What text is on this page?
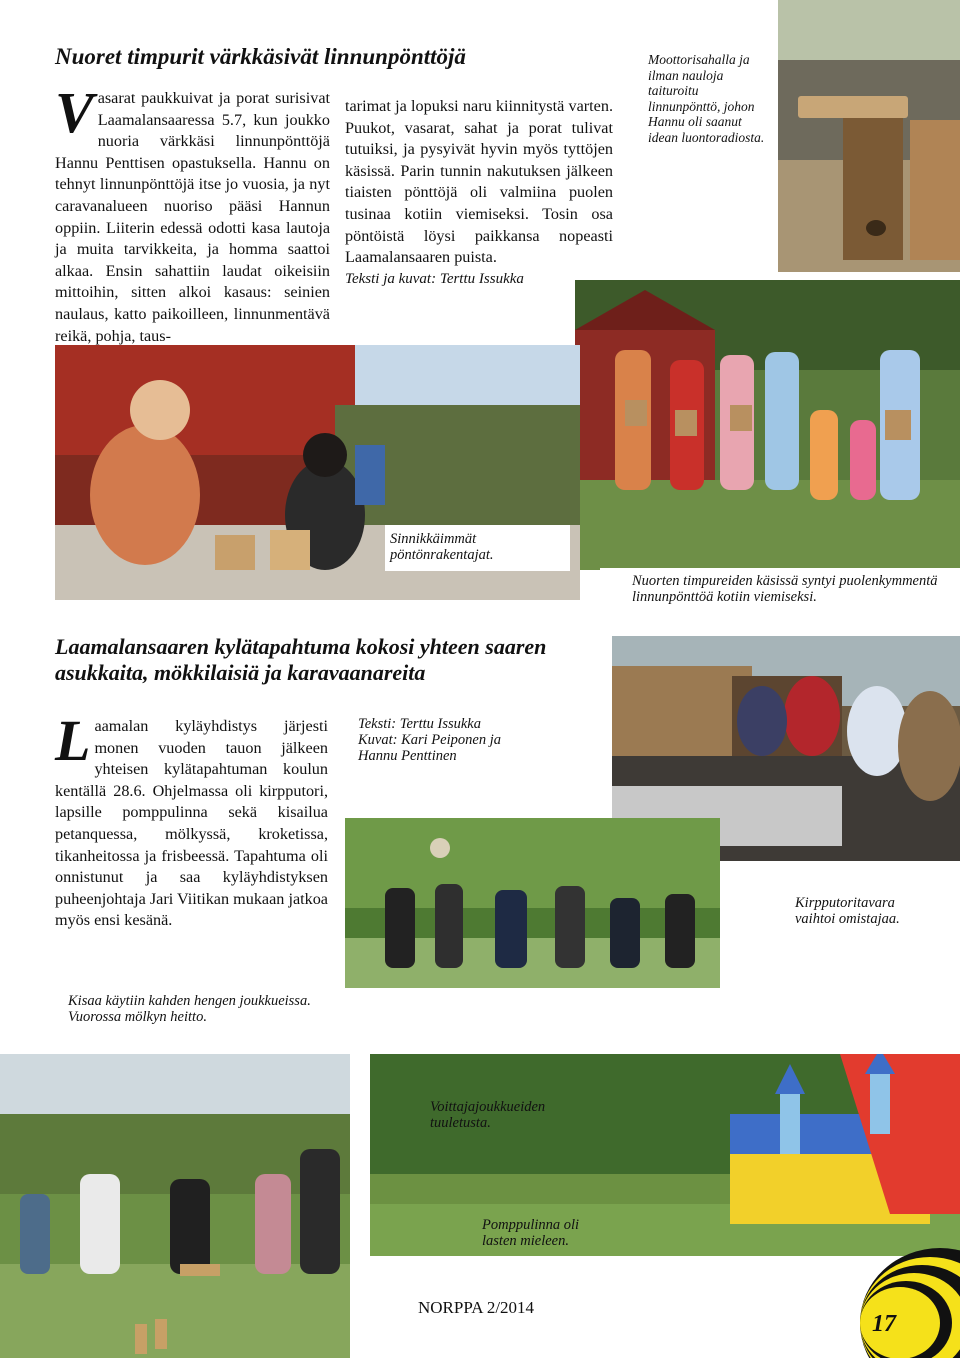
Nuoret timpurit värkkäsivät linnunpönttöjä
V asarat paukkuivat ja porat surisivat Laamalansaaressa 5.7, kun joukko nuoria värkkäsi linnunpönttöjä Hannu Penttisen opastuksella. Hannu on tehnyt linnunpönttöjä itse jo vuosia, ja nyt caravanalueen nuoriso pääsi Hannun oppiin. Liiterin edessä odotti kasa lautoja ja muita tarvikkeita, ja homma saattoi alkaa. Ensin sahattiin laudat oikeisiin mittoihin, sitten alkoi kasaus: seinien naulaus, katto paikoilleen, linnunmentävä reikä, pohja, taus-
tarimat ja lopuksi naru kiinnitystä varten. Puukot, vasarat, sahat ja porat tulivat tutuiksi, ja pysyivät hyvin myös tyttöjen käsissä. Parin tunnin nakutuksen jälkeen tiaisten pönttöjä oli valmiina puolen tusinaa kotiin viemiseksi. Tosin osa pöntöistä löysi paikkansa nopeasti Laamalansaaren puista.
Teksti ja kuvat: Terttu Issukka
Moottorisahalla ja ilman nauloja taituroitu linnunpönttö, johon Hannu oli saanut idean luontoradiosta.
Nuorten timpureiden käsissä syntyi puolenkymmentä linnunpönttöä kotiin viemiseksi.
Sinnikkäimmät pöntönrakentajat.
Laamalansaaren kylätapahtuma kokosi yhteen saaren
asukkaita, mökkilaisiä ja karavaanareita
L aamalan kyläyhdistys järjesti monen vuoden tauon jälkeen yhteisen kylätapahtuman koulun kentällä 28.6. Ohjelmassa oli kirpputori, lapsille pomppulinna sekä kisailua petanquessa, mölkyssä, kroketissa, tikanheitossa ja frisbeessä. Tapahtuma oli onnistunut ja saa kyläyhdistyksen puheenjohtaja Jari Viitikan mukaan jatkoa myös ensi kesänä.
Teksti: Terttu Issukka
Kuvat: Kari Peiponen ja
Hannu Penttinen
Kirpputoritavara vaihtoi omistajaa.
Kisaa käytiin kahden hengen joukkueissa. Vuorossa mölkyn heitto.
Voittajajoukkueiden tuuletusta.
Pomppulinna oli lasten mieleen.
NORPPA 2/2014
17
